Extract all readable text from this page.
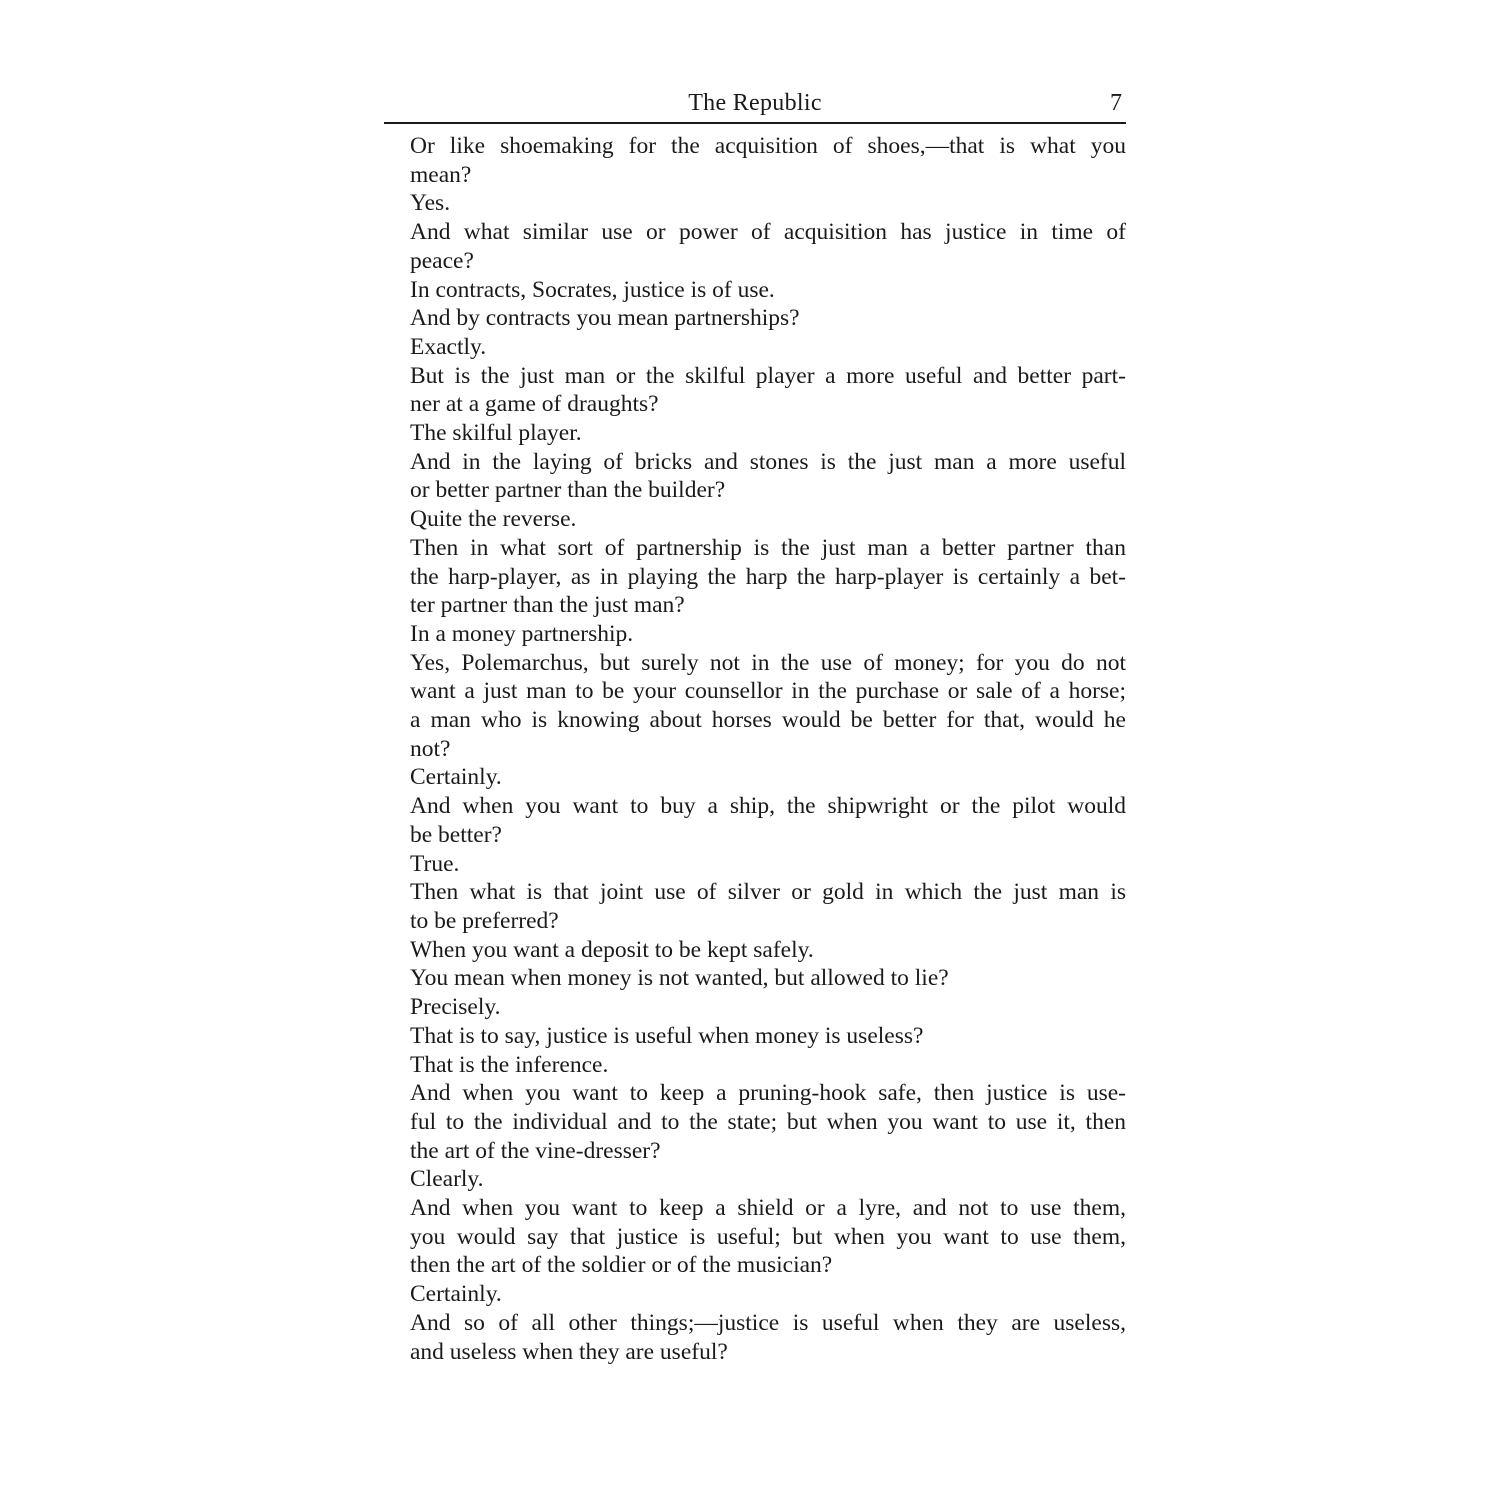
The Republic	7

Or like shoemaking for the acquisition of shoes,—that is what you
mean?

Yes.

And what similar use or power of acquisition has justice in time of
peace?

In contracts, Socrates, justice is of use.

And by contracts you mean partnerships?

Exactly.

But is the just man or the skilful player a more useful and better part-
ner at a game of draughts?

The skilful player.

And in the laying of bricks and stones is the just man a more useful
or better partner than the builder?

Quite the reverse.

Then in what sort of partnership is the just man a better partner than
the harp-player, as in playing the harp the harp-player is certainly a bet-
ter partner than the just man?

In a money partnership.

Yes, Polemarchus, but surely not in the use of money; for you do not
want a just man to be your counsellor in the purchase or sale of a horse;
a man who is knowing about horses would be better for that, would he
not?

Certainly.

And when you want to buy a ship, the shipwright or the pilot would
be better?

True.

Then what is that joint use of silver or gold in which the just man is
to be preferred?

When you want a deposit to be kept safely.

You mean when money is not wanted, but allowed to lie?

Precisely.

That is to say, justice is useful when money is useless?

That is the inference.

And when you want to keep a pruning-hook safe, then justice is use-
ful to the individual and to the state; but when you want to use it, then
the art of the vine-dresser?

Clearly.

And when you want to keep a shield or a lyre, and not to use them,
you would say that justice is useful; but when you want to use them,
then the art of the soldier or of the musician?

Certainly.

And so of all other things;—justice is useful when they are useless,
and useless when they are useful?
